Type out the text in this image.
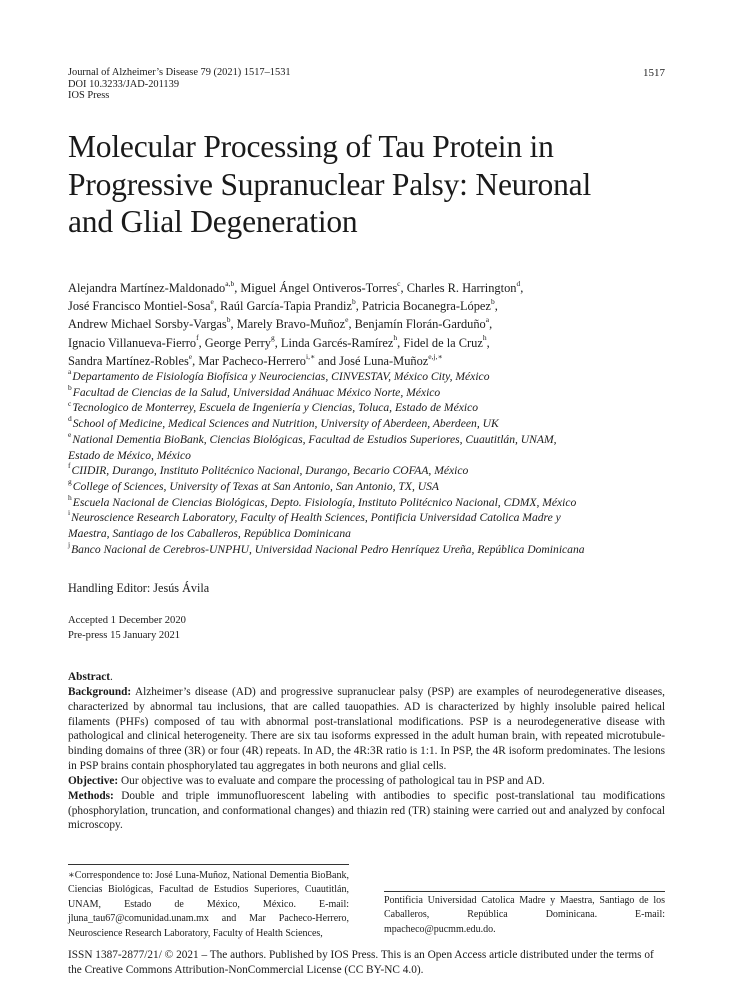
Journal of Alzheimer’s Disease 79 (2021) 1517–1531
DOI 10.3233/JAD-201139
IOS Press
1517
Molecular Processing of Tau Protein in
Progressive Supranuclear Palsy: Neuronal
and Glial Degeneration
Alejandra Martínez-Maldonado$^{a,b}$, Miguel Ángel Ontiveros-Torres$^c$, Charles R. Harrington$^d$,
José Francisco Montiel-Sosa$^e$, Raúl García-Tapia Prandiz$^b$, Patricia Bocanegra-López$^b$,
Andrew Michael Sorsby-Vargas$^b$, Marely Bravo-Muñoz$^e$, Benjamín Florán-Garduño$^a$,
Ignacio Villanueva-Fierro$^f$, George Perry$^g$, Linda Garcés-Ramírez$^h$, Fidel de la Cruz$^h$,
Sandra Martínez-Robles$^e$, Mar Pacheco-Herrero$^{i,∗}$ and José Luna-Muñoz$^{e,j,∗}$
$^a$Departamento de Fisiología Biofísica y Neurociencias, CINVESTAV, México City, México
$^b$Facultad de Ciencias de la Salud, Universidad Anáhuac México Norte, México
$^c$Tecnologico de Monterrey, Escuela de Ingeniería y Ciencias, Toluca, Estado de México
$^d$School of Medicine, Medical Sciences and Nutrition, University of Aberdeen, Aberdeen, UK
$^e$National Dementia BioBank, Ciencias Biológicas, Facultad de Estudios Superiores, Cuautitlán, UNAM,
Estado de México, México
$^f$CIIDIR, Durango, Instituto Politécnico Nacional, Durango, Becario COFAA, México
$^g$College of Sciences, University of Texas at San Antonio, San Antonio, TX, USA
$^h$Escuela Nacional de Ciencias Biológicas, Depto. Fisiología, Instituto Politécnico Nacional, CDMX, México
$^i$Neuroscience Research Laboratory, Faculty of Health Sciences, Pontificia Universidad Catolica Madre y
Maestra, Santiago de los Caballeros, República Dominicana
$^j$Banco Nacional de Cerebros-UNPHU, Universidad Nacional Pedro Henríquez Ureña, República Dominicana
Handling Editor: Jesús Ávila
Accepted 1 December 2020
Pre-press 15 January 2021

Abstract.

Background: Alzheimer’s disease (AD) and progressive supranuclear palsy (PSP) are examples of neurodegenerative diseases, characterized by abnormal tau inclusions, that are called tauopathies. AD is characterized by highly insoluble paired helical filaments (PHFs) composed of tau with abnormal post-translational modifications. PSP is a neurodegenerative disease with pathological and clinical heterogeneity. There are six tau isoforms expressed in the adult human brain, with repeated microtubule-binding domains of three (3R) or four (4R) repeats. In AD, the 4R:3R ratio is 1:1. In PSP, the 4R isoform predominates. The lesions in PSP brains contain phosphorylated tau aggregates in both neurons and glial cells.

Objective: Our objective was to evaluate and compare the processing of pathological tau in PSP and AD.

Methods: Double and triple immunofluorescent labeling with antibodies to specific post-translational tau modifications (phosphorylation, truncation, and conformational changes) and thiazin red (TR) staining were carried out and analyzed by confocal microscopy.

∗Correspondence to: José Luna-Muñoz, National Dementia BioBank, Ciencias Biológicas, Facultad de Estudios Superiores, Cuautitlán, UNAM, Estado de México, México. E-mail: jluna_tau67@comunidad.unam.mx and Mar Pacheco-Herrero, Neuroscience Research Laboratory, Faculty of Health Sciences,
Pontificia Universidad Catolica Madre y Maestra, Santiago de los Caballeros, República Dominicana. E-mail: mpacheco@pucmm.edu.do.
ISSN 1387-2877/21/ © 2021 – The authors. Published by IOS Press. This is an Open Access article distributed under the terms of the Creative Commons Attribution-NonCommercial License (CC BY-NC 4.0).
